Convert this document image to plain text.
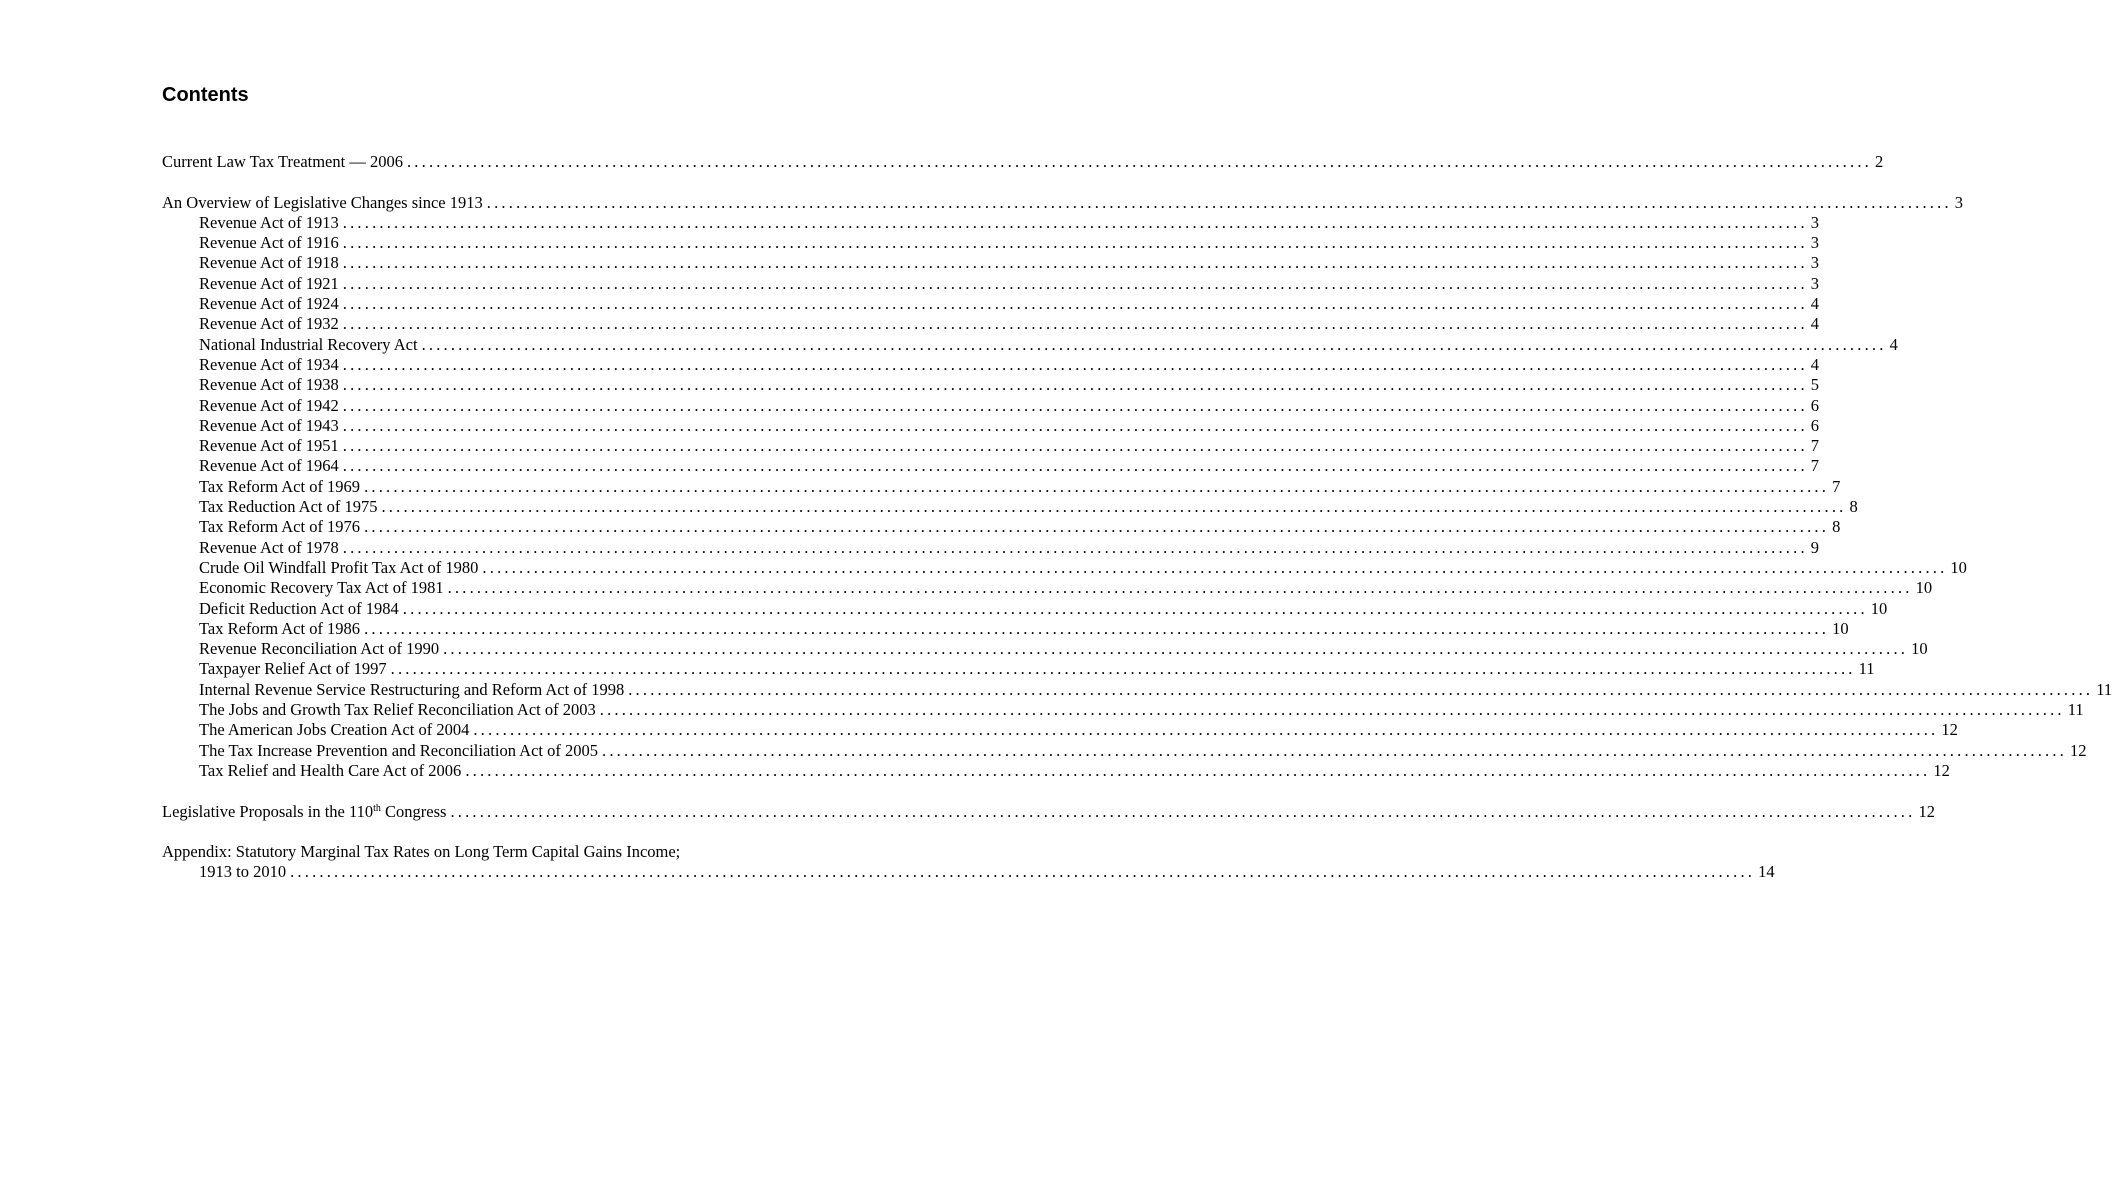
Contents
Current Law Tax Treatment — 2006 ........................................................................................................................................................................................................ 2
An Overview of Legislative Changes since 1913 ........................................................................................................................................................................................................ 3
Revenue Act of 1913 ........................................................................................................................................................................................................ 3
Revenue Act of 1916 ........................................................................................................................................................................................................ 3
Revenue Act of 1918 ........................................................................................................................................................................................................ 3
Revenue Act of 1921 ........................................................................................................................................................................................................ 3
Revenue Act of 1924 ........................................................................................................................................................................................................ 4
Revenue Act of 1932 ........................................................................................................................................................................................................ 4
National Industrial Recovery Act ........................................................................................................................................................................................................ 4
Revenue Act of 1934 ........................................................................................................................................................................................................ 4
Revenue Act of 1938 ........................................................................................................................................................................................................ 5
Revenue Act of 1942 ........................................................................................................................................................................................................ 6
Revenue Act of 1943 ........................................................................................................................................................................................................ 6
Revenue Act of 1951 ........................................................................................................................................................................................................ 7
Revenue Act of 1964 ........................................................................................................................................................................................................ 7
Tax Reform Act of 1969 ........................................................................................................................................................................................................ 7
Tax Reduction Act of 1975 ........................................................................................................................................................................................................ 8
Tax Reform Act of 1976 ........................................................................................................................................................................................................ 8
Revenue Act of 1978 ........................................................................................................................................................................................................ 9
Crude Oil Windfall Profit Tax Act of 1980 ........................................................................................................................................................................................................ 10
Economic Recovery Tax Act of 1981 ........................................................................................................................................................................................................ 10
Deficit Reduction Act of 1984 ........................................................................................................................................................................................................ 10
Tax Reform Act of 1986 ........................................................................................................................................................................................................ 10
Revenue Reconciliation Act of 1990 ........................................................................................................................................................................................................ 10
Taxpayer Relief Act of 1997 ........................................................................................................................................................................................................ 11
Internal Revenue Service Restructuring and Reform Act of 1998 ........................................................................................................................................................................................................ 11
The Jobs and Growth Tax Relief Reconciliation Act of 2003 ........................................................................................................................................................................................................ 11
The American Jobs Creation Act of 2004 ........................................................................................................................................................................................................ 12
The Tax Increase Prevention and Reconciliation Act of 2005 ........................................................................................................................................................................................................ 12
Tax Relief and Health Care Act of 2006 ........................................................................................................................................................................................................ 12
Legislative Proposals in the 110th Congress ........................................................................................................................................................................................................ 12
Appendix: Statutory Marginal Tax Rates on Long Term Capital Gains Income;
1913 to 2010 ........................................................................................................................................................................................................ 14
